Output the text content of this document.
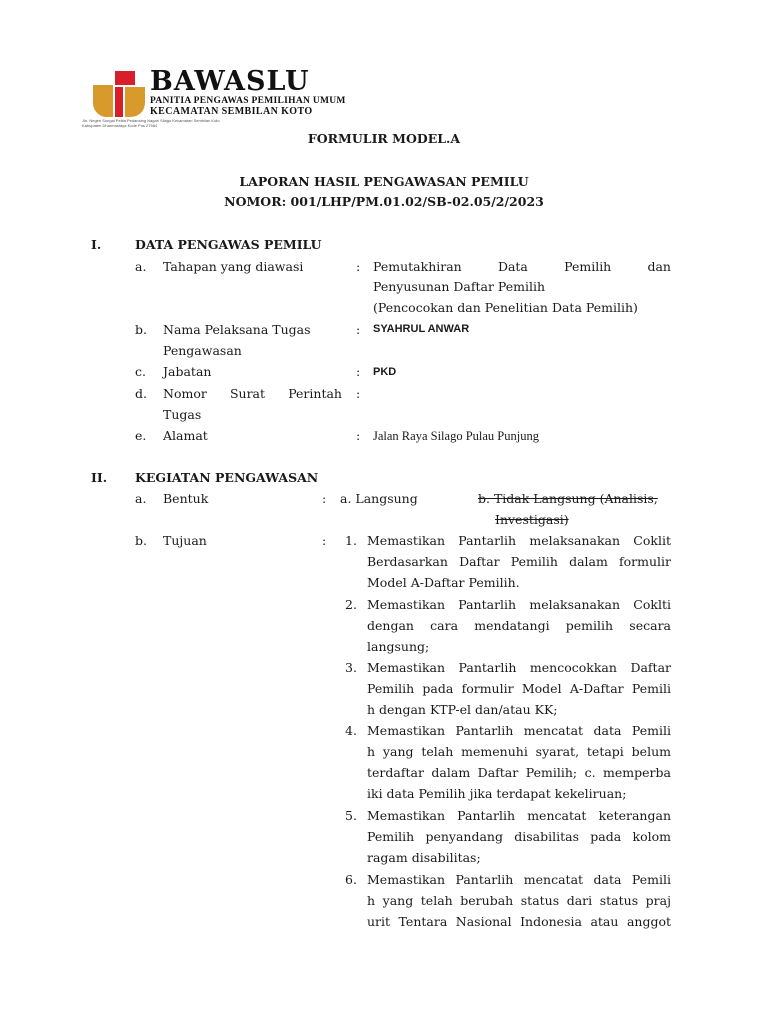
BAWASLU
PANITIA PENGAWAS PEMILIHAN UMUM
KECAMATAN SEMBILAN KOTO
Jln. Negeri Sungai Pelita Pedanaing Nagari Silago Kecamatan Sembilan Koto
Kabupaten Dharmasraya Kode Pos 27584
FORMULIR MODEL.A
LAPORAN HASIL PENGAWASAN PEMILU
NOMOR: 001/LHP/PM.01.02/SB-02.05/2/2023
I.	DATA PENGAWAS PEMILU
a. Tahapan yang diawasi	: Pemutakhiran	Data	Pemilih	dan
Penyusunan Daftar Pemilih
(Pencocokan dan Penelitian Data Pemilih)
b. Nama Pelaksana Tugas
Pengawasan
: SYAHRUL ANWAR
c. Jabatan	: PKD
d. Nomor Surat Perintah :
Tugas
e. Alamat	: Jalan Raya Silago Pulau Punjung
II. KEGIATAN PENGAWASAN
a. Bentuk	: a. Langsung	b. Tidak Langsung (Analisis,
Investigasi)
b. Tujuan	: 1. Memastikan Pantarlih melaksanakan Coklit
Berdasarkan Daftar Pemilih dalam formulir
Model A-Daftar Pemilih.
2. Memastikan Pantarlih melaksanakan Coklti
dengan cara mendatangi pemilih secara
langsung;
3. Memastikan Pantarlih mencocokkan Daftar
Pemilih pada formulir Model A-Daftar Pemili
h dengan KTP-el dan/atau KK;
4. Memastikan Pantarlih mencatat data Pemili
h yang telah memenuhi syarat, tetapi belum
terdaftar dalam Daftar Pemilih; c. memperba
iki data Pemilih jika terdapat kekeliruan;
5. Memastikan Pantarlih mencatat keterangan
Pemilih penyandang disabilitas pada kolom
ragam disabilitas;
6. Memastikan Pantarlih mencatat data Pemili
h yang telah berubah status dari status praj
urit Tentara Nasional Indonesia atau anggot
